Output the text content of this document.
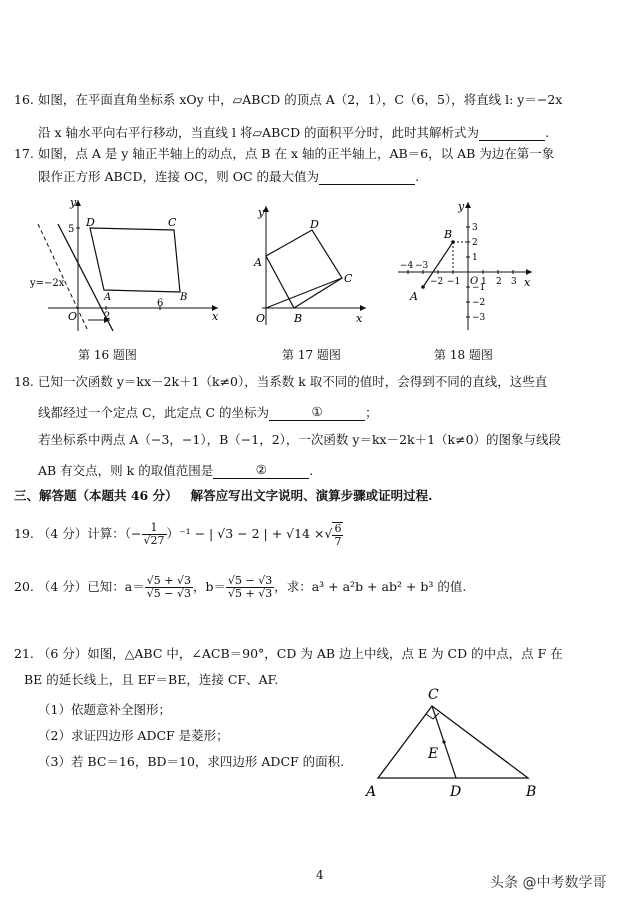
16. 如图，在平面直角坐标系 xOy 中，▱ABCD 的顶点 A（2，1），C（6，5），将直线 l: y＝−2x
沿 x 轴水平向右平行移动，当直线 l 将▱ABCD 的面积平分时，此时其解析式为	.
17. 如图，点 A 是 y 轴正半轴上的动点，点 B 在 x 轴的正半轴上，AB＝6，以 AB 为边在第一象
限作正方形 ABCD，连接 OC，则 OC 的最大值为	.
y
x
O
D	C
A	B
y=−2x
5
2
6
第 16 题图
y
x
O
A
B
C
D
第 17 题图
y
x
O
A
B
−4 −3
−2 −1 1 2 3
3
2
1
−1
−2
−3
第 18 题图
18. 已知一次函数 y＝kx－2k＋1（k≠0），当系数 k 取不同的值时，会得到不同的直线，这些直
线都经过一个定点 C，此定点 C 的坐标为	①	；
若坐标系中两点 A（−3，−1），B（−1，2），一次函数 y＝kx－2k＋1（k≠0）的图象与线段
AB 有交点，则 k 的取值范围是	②	.
三、解答题（本题共 46 分） 解答应写出文字说明、演算步骤或证明过程.
19. （4 分）计算：（− $\frac{1}{√27} )^{-1}$ − | √3 − 2 | + √14 ×√ $\frac{6}{7}$
20. （4 分）已知：$a= \frac{√5 + √3}{√5 - √3}$ ，$b= \frac{√5 - √3}{√5 + √3}$ ，求：a³ + a²b + ab² + b³ 的值.
21. （6 分）如图，△ABC 中，∠ACB＝90°，CD 为 AB 边上中线，点 E 为 CD 的中点，点 F 在
BE 的延长线上，且 EF＝BE，连接 CF、AF.
（1）依题意补全图形；
（2）求证四边形 ADCF 是菱形；
（3）若 BC＝16，BD＝10，求四边形 ADCF 的面积.
C
E
A	D	B
4	头条 @中考数学哥
